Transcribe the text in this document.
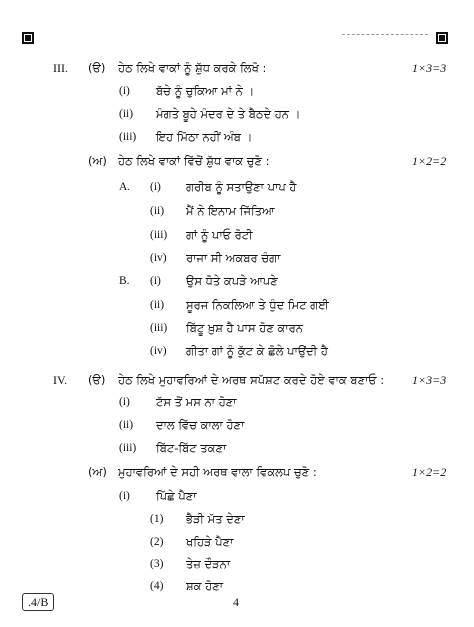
III. (ੳ) ਹੇਠ ਲਿਖੇ ਵਾਕਾਂ ਨੂੰ ਸ਼ੁੱਧ ਕਰਕੇ ਲਿਖੋ :	1×3=3
(i) ਬੱਚੇ ਨੂੰ ਚੁਕਿਆ ਮਾਂ ਨੇ ।
(ii) ਮੰਗਤੇ ਬੂਹੇ ਮੰਦਰ ਦੇ ਤੇ ਬੈਠਦੇ ਹਨ ।
(iii) ਇਹ ਮਿੱਠਾ ਨਹੀਂ ਅੰਬ ।
(ਅ) ਹੇਠ ਲਿਖੇ ਵਾਕਾਂ ਵਿੱਚੋਂ ਸ਼ੁੱਧ ਵਾਕ ਚੁਣੋ :	1×2=2
A. (i) ਗਰੀਬ ਨੂੰ ਸਤਾਉਣਾ ਪਾਪ ਹੈ
(ii) ਮੈਂ ਨੇ ਇਨਾਮ ਜਿੱਤਿਆ
(iii) ਗਾਂ ਨੂੰ ਪਾਓ ਰੋਟੀ
(iv) ਰਾਜਾ ਸੀ ਅਕਬਰ ਚੰਗਾ
B. (i) ਉਸ ਧੋਤੇ ਕਪੜੇ ਆਪਣੇ
(ii) ਸੂਰਜ ਨਿਕਲਿਆ ਤੇ ਧੁੰਦ ਮਿਟ ਗਈ
(iii) ਬਿੱਟੂ ਖ਼ੁਸ਼ ਹੈ ਪਾਸ ਹੋਣ ਕਾਰਨ
(iv) ਗੀਤਾ ਗਾਂ ਨੂੰ ਕੁੱਟ ਕੇ ਛੋਲੇ ਪਾਉਂਦੀ ਹੈ
IV. (ੳ) ਹੇਠ ਲਿਖੇ ਮੁਹਾਵਰਿਆਂ ਦੇ ਅਰਥ ਸਪੱਸ਼ਟ ਕਰਦੇ ਹੋਏ ਵਾਕ ਬਣਾਓ : 1×3=3
(i) ਟੱਸ ਤੋਂ ਮਸ ਨਾ ਹੋਣਾ
(ii) ਦਾਲ ਵਿੱਚ ਕਾਲਾ ਹੋਣਾ
(iii) ਬਿੱਟ-ਬਿੱਟ ਤਕਣਾ
(ਅ) ਮੁਹਾਵਰਿਆਂ ਦੇ ਸਹੀ ਅਰਥ ਵਾਲਾ ਵਿਕਲਪ ਚੁਣੋ :	1×2=2
(i) ਪਿੱਛੇ ਪੈਣਾ
(1) ਭੈੜੀ ਮੱਤ ਦੇਣਾ
(2) ਖਹਿੜੇ ਪੈਣਾ
(3) ਤੇਜ਼ ਦੌੜਨਾ
(4) ਸ਼ਕ ਹੋਣਾ
.4/B	4
